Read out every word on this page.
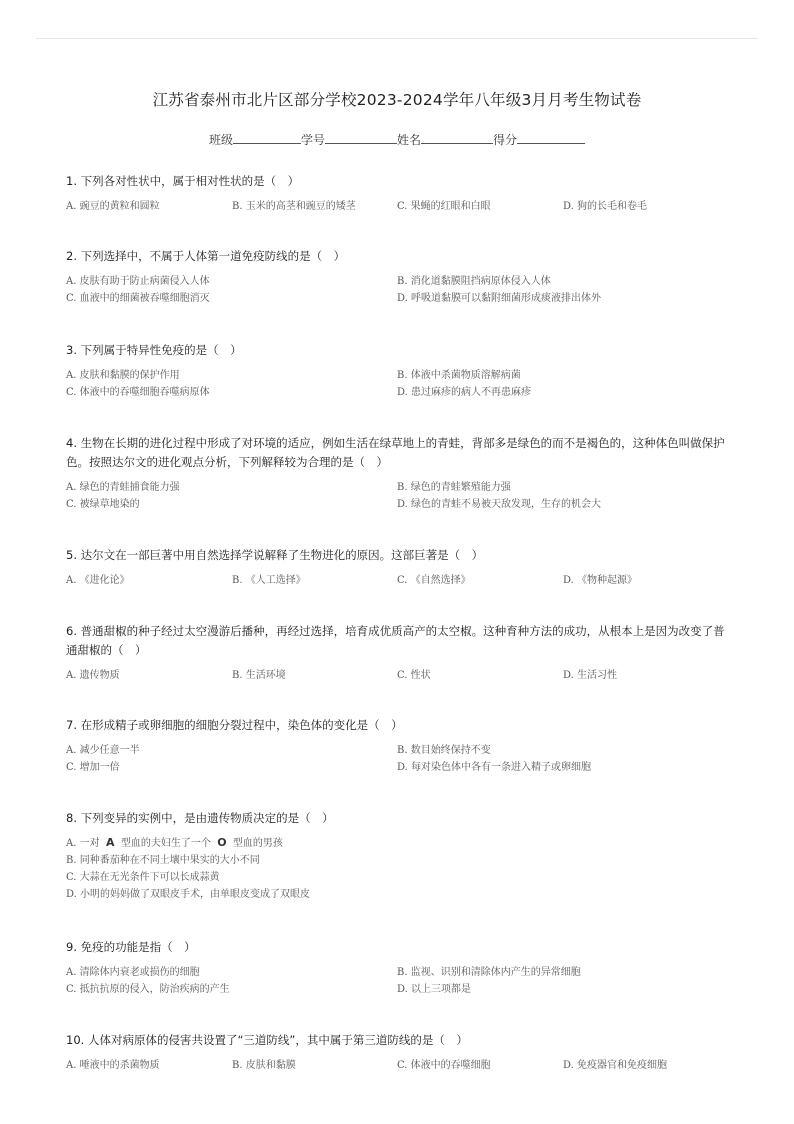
江苏省泰州市北片区部分学校2023-2024学年八年级3月月考生物试卷
班级	学号	姓名	得分
1. 下列各对性状中，属于相对性状的是（　）
A. 豌豆的黄粒和圆粒	B. 玉米的高茎和豌豆的矮茎	C. 果蝇的红眼和白眼	D. 狗的长毛和卷毛
2. 下列选择中，不属于人体第一道免疫防线的是（　）
A. 皮肤有助于防止病菌侵入人体	B. 消化道黏膜阻挡病原体侵入人体
C. 血液中的细菌被吞噬细胞消灭	D. 呼吸道黏膜可以黏附细菌形成痰液排出体外
3. 下列属于特异性免疫的是（　）
A. 皮肤和黏膜的保护作用	B. 体液中杀菌物质溶解病菌
C. 体液中的吞噬细胞吞噬病原体	D. 患过麻疹的病人不再患麻疹
4. 生物在长期的进化过程中形成了对环境的适应，例如生活在绿草地上的青蛙，背部多是绿色的而不是褐色的，这种体色叫做保护色。按照达尔文的进化观点分析，下列解释较为合理的是（　）
A. 绿色的青蛙捕食能力强	B. 绿色的青蛙繁殖能力强
C. 被绿草地染的	D. 绿色的青蛙不易被天敌发现，生存的机会大
5. 达尔文在一部巨著中用自然选择学说解释了生物进化的原因。这部巨著是（　）
A. 《进化论》	B. 《人工选择》	C. 《自然选择》	D. 《物种起源》
6. 普通甜椒的种子经过太空漫游后播种，再经过选择，培育成优质高产的太空椒。这种育种方法的成功，从根本上是因为改变了普通甜椒的（　）
A. 遗传物质	B. 生活环境	C. 性状	D. 生活习性
7. 在形成精子或卵细胞的细胞分裂过程中，染色体的变化是（　）
A. 减少任意一半	B. 数目始终保持不变
C. 增加一倍	D. 每对染色体中各有一条进入精子或卵细胞
8. 下列变异的实例中，是由遗传物质决定的是（　）
A. 一对 A 型血的夫妇生了一个 O 型血的男孩
B. 同种番茄种在不同土壤中果实的大小不同
C. 大蒜在无光条件下可以长成蒜黄
D. 小明的妈妈做了双眼皮手术，由单眼皮变成了双眼皮
9. 免疫的功能是指（　）
A. 清除体内衰老或损伤的细胞	B. 监视、识别和清除体内产生的异常细胞
C. 抵抗抗原的侵入，防治疾病的产生	D. 以上三项都是
10. 人体对病原体的侵害共设置了“三道防线”，其中属于第三道防线的是（　）
A. 唾液中的杀菌物质	B. 皮肤和黏膜	C. 体液中的吞噬细胞	D. 免疫器官和免疫细胞
